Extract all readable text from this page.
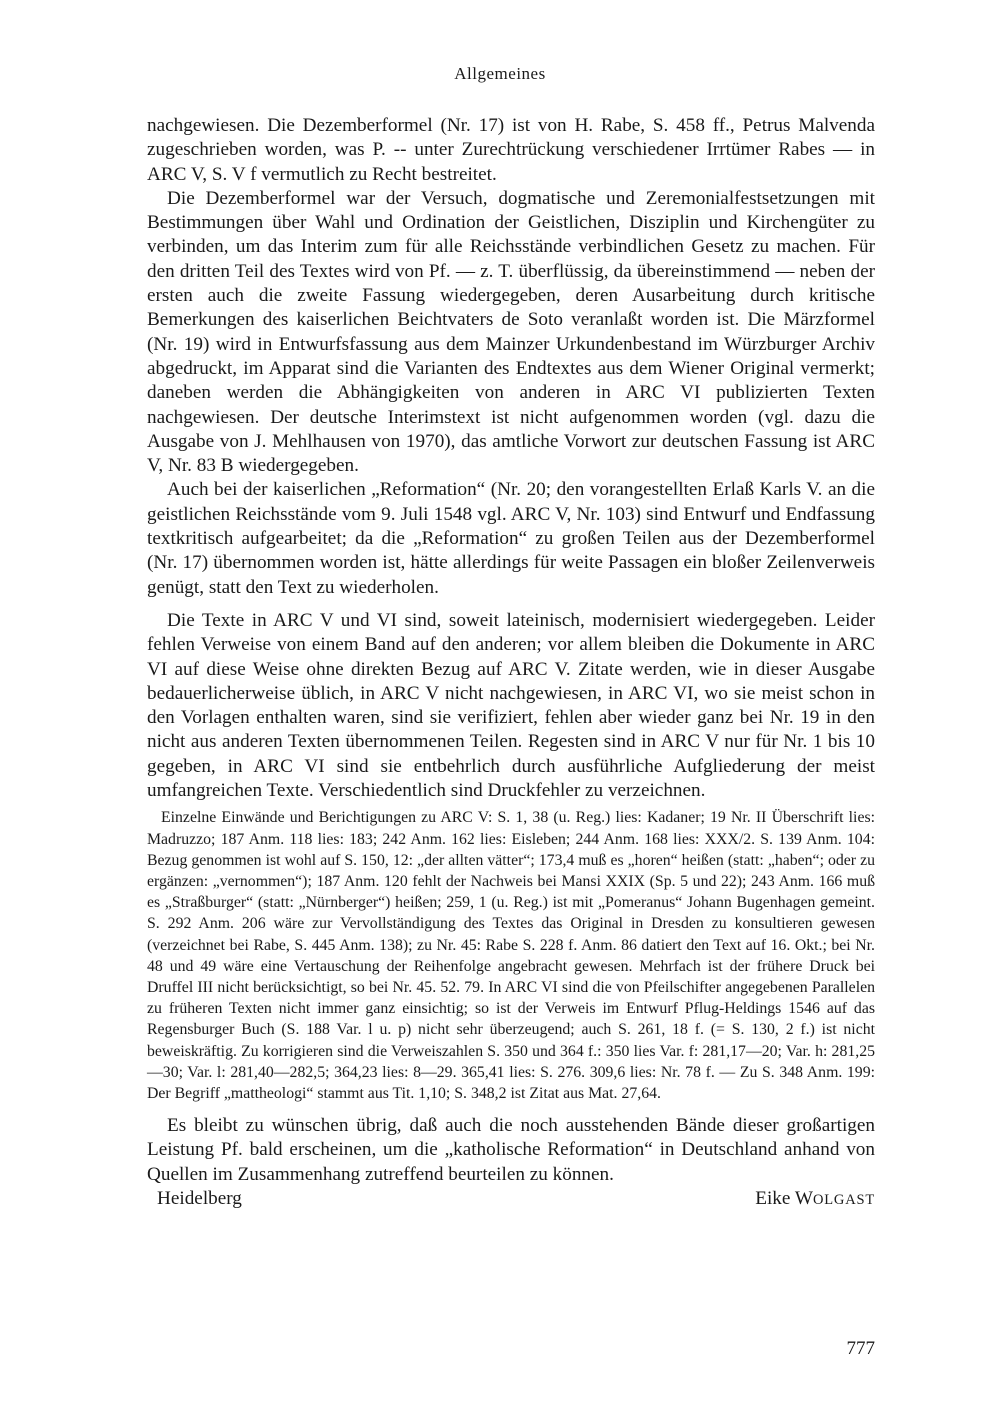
Allgemeines

nachgewiesen. Die Dezemberformel (Nr. 17) ist von H. Rabe, S. 458 ff., Petrus Malvenda zugeschrieben worden, was P. -- unter Zurechtrückung verschiedener Irrtümer Rabes — in ARC V, S. V f vermutlich zu Recht bestreitet.

Die Dezemberformel war der Versuch, dogmatische und Zeremonialfestsetzungen mit Bestimmungen über Wahl und Ordination der Geistlichen, Disziplin und Kirchengüter zu verbinden, um das Interim zum für alle Reichsstände verbindlichen Gesetz zu machen. Für den dritten Teil des Textes wird von Pf. — z. T. überflüssig, da übereinstimmend — neben der ersten auch die zweite Fassung wiedergegeben, deren Ausarbeitung durch kritische Bemerkungen des kaiserlichen Beichtvaters de Soto veranlaßt worden ist. Die Märzformel (Nr. 19) wird in Entwurfsfassung aus dem Mainzer Urkundenbestand im Würzburger Archiv abgedruckt, im Apparat sind die Varianten des Endtextes aus dem Wiener Original vermerkt; daneben werden die Abhängigkeiten von anderen in ARC VI publizierten Texten nachgewiesen. Der deutsche Interimstext ist nicht aufgenommen worden (vgl. dazu die Ausgabe von J. Mehlhausen von 1970), das amtliche Vorwort zur deutschen Fassung ist ARC V, Nr. 83 B wiedergegeben.

Auch bei der kaiserlichen „Reformation“ (Nr. 20; den vorangestellten Erlaß Karls V. an die geistlichen Reichsstände vom 9. Juli 1548 vgl. ARC V, Nr. 103) sind Entwurf und Endfassung textkritisch aufgearbeitet; da die „Reformation“ zu großen Teilen aus der Dezemberformel (Nr. 17) übernommen worden ist, hätte allerdings für weite Passagen ein bloßer Zeilenverweis genügt, statt den Text zu wiederholen.

Die Texte in ARC V und VI sind, soweit lateinisch, modernisiert wiedergegeben. Leider fehlen Verweise von einem Band auf den anderen; vor allem bleiben die Dokumente in ARC VI auf diese Weise ohne direkten Bezug auf ARC V. Zitate werden, wie in dieser Ausgabe bedauerlicherweise üblich, in ARC V nicht nachgewiesen, in ARC VI, wo sie meist schon in den Vorlagen enthalten waren, sind sie verifiziert, fehlen aber wieder ganz bei Nr. 19 in den nicht aus anderen Texten übernommenen Teilen. Regesten sind in ARC V nur für Nr. 1 bis 10 gegeben, in ARC VI sind sie entbehrlich durch ausführliche Aufgliederung der meist umfangreichen Texte. Verschiedentlich sind Druckfehler zu verzeichnen.

Einzelne Einwände und Berichtigungen zu ARC V: S. 1, 38 (u. Reg.) lies: Kadaner; 19 Nr. II Überschrift lies: Madruzzo; 187 Anm. 118 lies: 183; 242 Anm. 162 lies: Eisleben; 244 Anm. 168 lies: XXX/2. S. 139 Anm. 104: Bezug genommen ist wohl auf S. 150, 12: „der allten vätter“; 173,4 muß es „horen“ heißen (statt: „haben“; oder zu ergänzen: „vernommen“); 187 Anm. 120 fehlt der Nachweis bei Mansi XXIX (Sp. 5 und 22); 243 Anm. 166 muß es „Straßburger“ (statt: „Nürnberger“) heißen; 259, 1 (u. Reg.) ist mit „Pomeranus“ Johann Bugenhagen gemeint. S. 292 Anm. 206 wäre zur Vervollständigung des Textes das Original in Dresden zu konsultieren gewesen (verzeichnet bei Rabe, S. 445 Anm. 138); zu Nr. 45: Rabe S. 228 f. Anm. 86 datiert den Text auf 16. Okt.; bei Nr. 48 und 49 wäre eine Vertauschung der Reihenfolge angebracht gewesen. Mehrfach ist der frühere Druck bei Druffel III nicht berücksichtigt, so bei Nr. 45. 52. 79. In ARC VI sind die von Pfeilschifter angegebenen Parallelen zu früheren Texten nicht immer ganz einsichtig; so ist der Verweis im Entwurf Pflug-Heldings 1546 auf das Regensburger Buch (S. 188 Var. l u. p) nicht sehr überzeugend; auch S. 261, 18 f. (= S. 130, 2 f.) ist nicht beweiskräftig. Zu korrigieren sind die Verweiszahlen S. 350 und 364 f.: 350 lies Var. f: 281,17—20; Var. h: 281,25—30; Var. l: 281,40—282,5; 364,23 lies: 8—29. 365,41 lies: S. 276. 309,6 lies: Nr. 78 f. — Zu S. 348 Anm. 199: Der Begriff „mattheologi“ stammt aus Tit. 1,10; S. 348,2 ist Zitat aus Mat. 27,64.

Es bleibt zu wünschen übrig, daß auch die noch ausstehenden Bände dieser großartigen Leistung Pf. bald erscheinen, um die „katholische Reformation“ in Deutschland anhand von Quellen im Zusammenhang zutreffend beurteilen zu können.

Heidelberg	Eike WOLGAST
777
